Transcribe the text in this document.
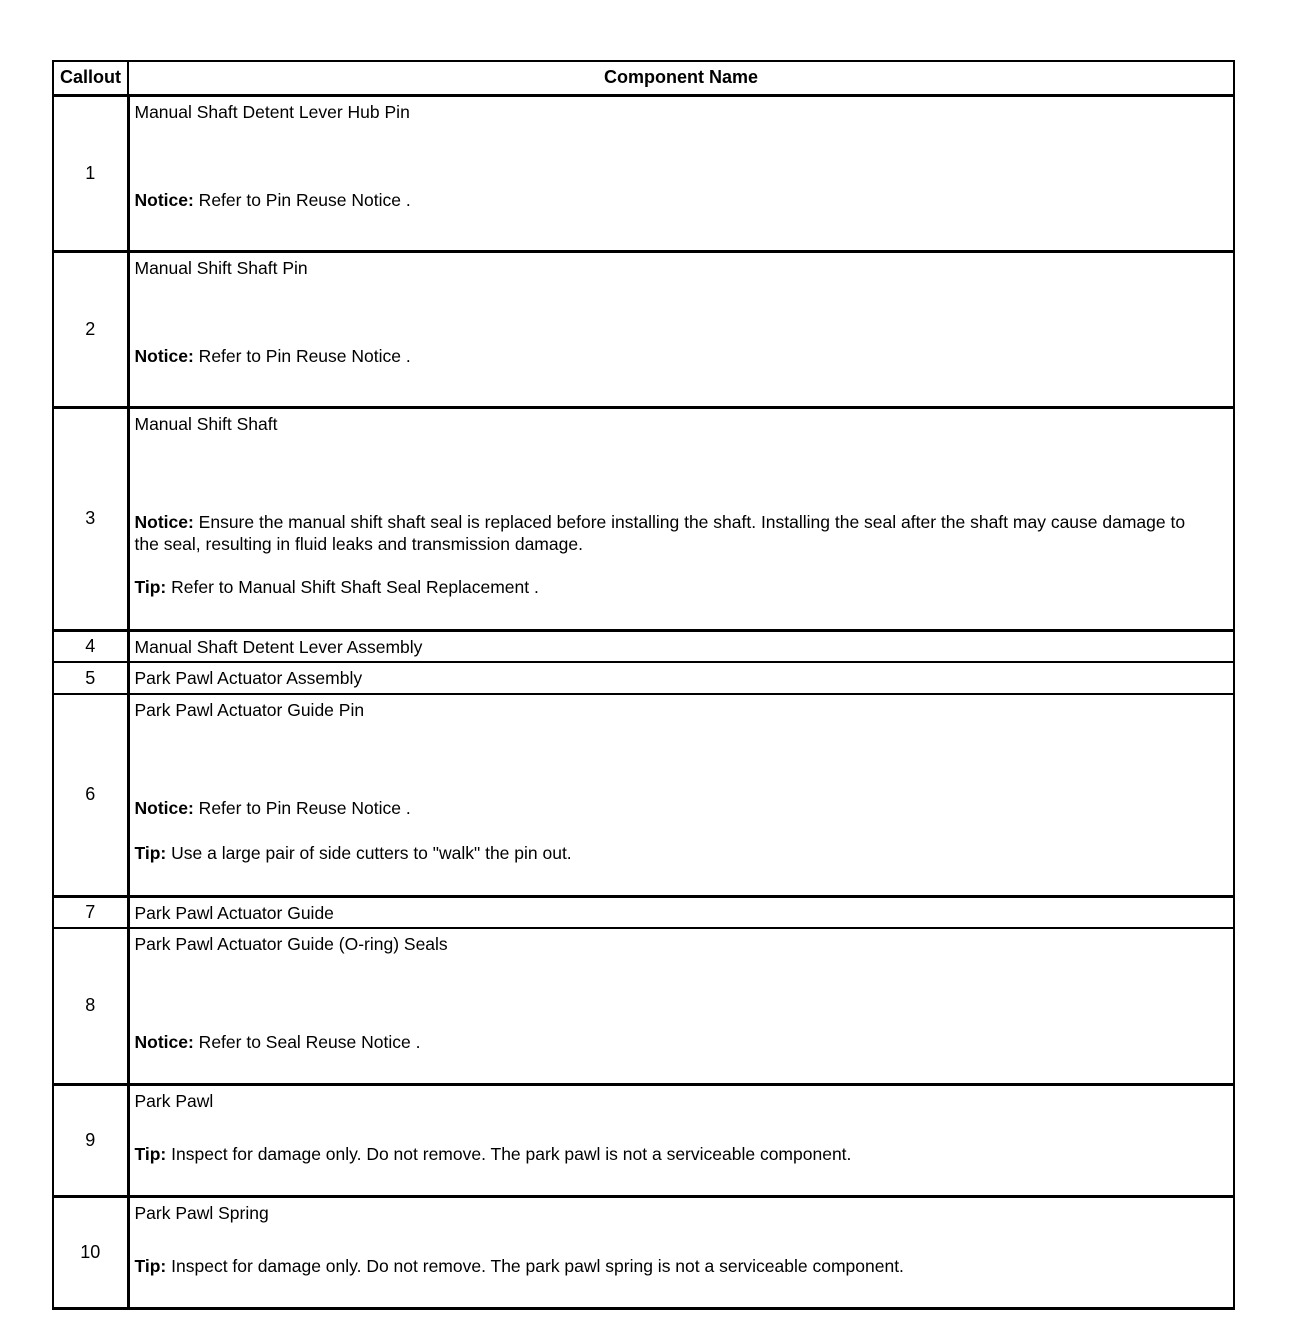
Callout	Component Name
1	Manual Shaft Detent Lever Hub Pin
Notice: Refer to Pin Reuse Notice .

2	Manual Shift Shaft Pin
Notice: Refer to Pin Reuse Notice .

3	Manual Shift Shaft
Notice: Ensure the manual shift shaft seal is replaced before installing the shaft. Installing the seal after the shaft may cause damage to the seal, resulting in fluid leaks and transmission damage.
Tip: Refer to Manual Shift Shaft Seal Replacement .

4	Manual Shaft Detent Lever Assembly

5	Park Pawl Actuator Assembly

6	Park Pawl Actuator Guide Pin
Notice: Refer to Pin Reuse Notice .
Tip: Use a large pair of side cutters to "walk" the pin out.

7	Park Pawl Actuator Guide

8	Park Pawl Actuator Guide (O-ring) Seals
Notice: Refer to Seal Reuse Notice .

9	Park Pawl
Tip: Inspect for damage only. Do not remove. The park pawl is not a serviceable component.

10	Park Pawl Spring
Tip: Inspect for damage only. Do not remove. The park pawl spring is not a serviceable component.
